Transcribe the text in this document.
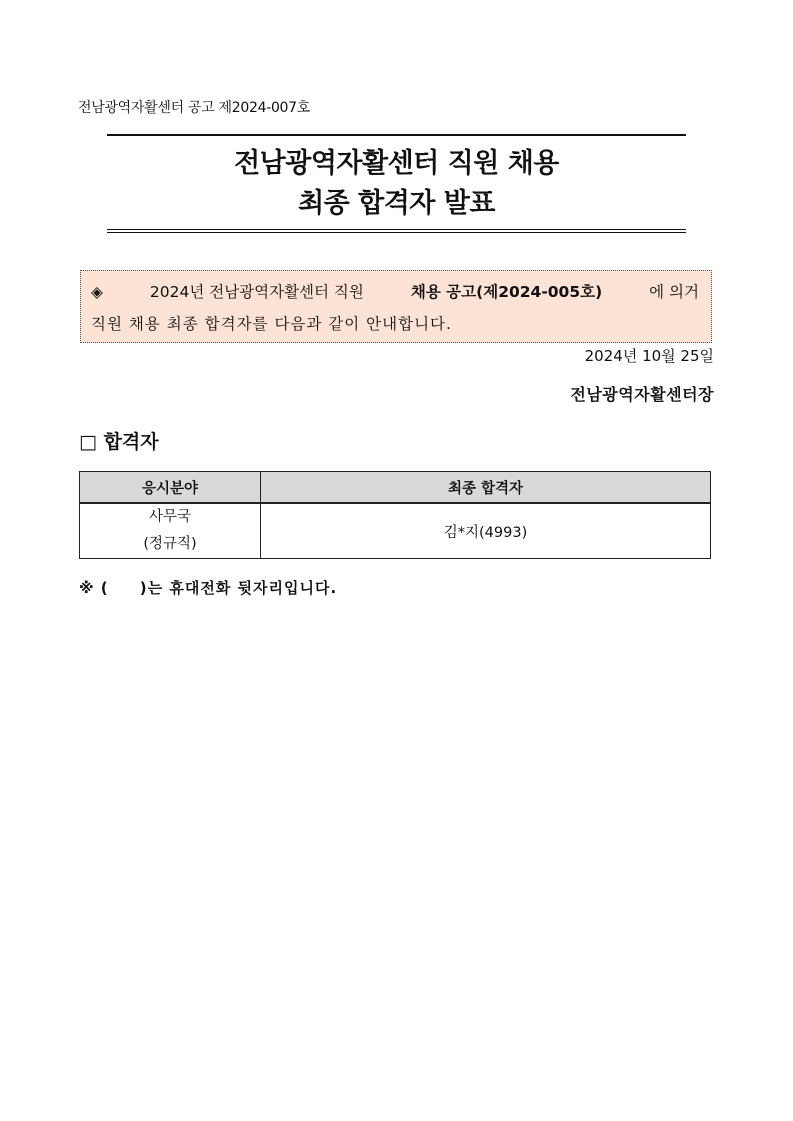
전남광역자활센터 공고 제2024-007호
전남광역자활센터 직원 채용
최종 합격자 발표
◈	2024년 전남광역자활센터 직원	채용 공고(제2024-005호)	에 의거
직원 채용 최종 합격자를 다음과 같이 안내합니다.
2024년 10월 25일
전남광역자활센터장
□ 합격자
응시분야	최종 합격자

사무국
(정규직)	김*지(4993)
※ (     )는 휴대전화 뒷자리입니다.
